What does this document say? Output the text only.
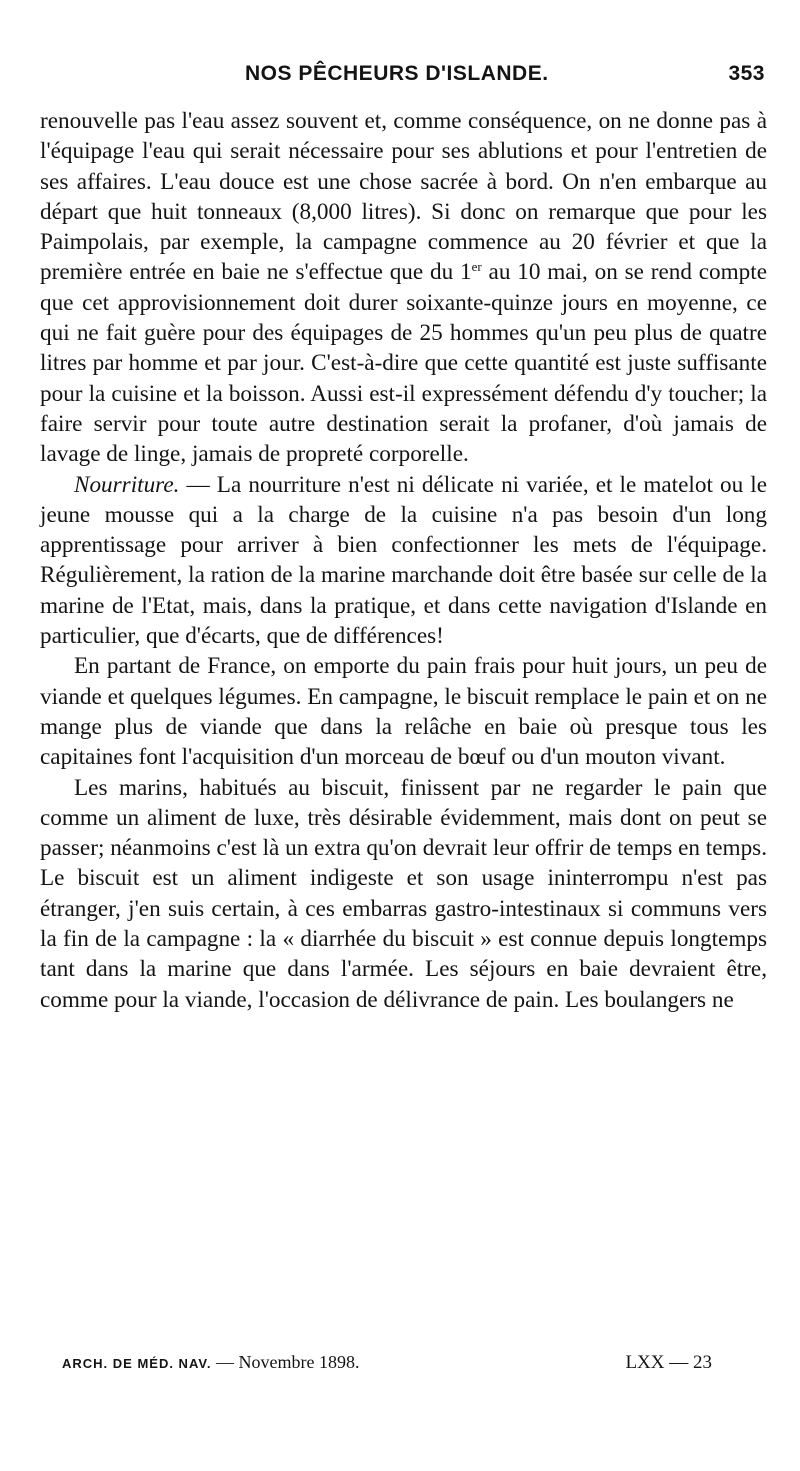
NOS PÊCHEURS D'ISLANDE.	353

renouvelle pas l'eau assez souvent et, comme conséquence, on ne donne pas à l'équipage l'eau qui serait nécessaire pour ses ablutions et pour l'entretien de ses affaires. L'eau douce est une chose sacrée à bord. On n'en embarque au départ que huit tonneaux (8,000 litres). Si donc on remarque que pour les Paimpolais, par exemple, la campagne commence au 20 février et que la première entrée en baie ne s'effectue que du 1er au 10 mai, on se rend compte que cet approvisionnement doit durer soixante-quinze jours en moyenne, ce qui ne fait guère pour des équipages de 25 hommes qu'un peu plus de quatre litres par homme et par jour. C'est-à-dire que cette quantité est juste suffisante pour la cuisine et la boisson. Aussi est-il expressément défendu d'y toucher; la faire servir pour toute autre destination serait la profaner, d'où jamais de lavage de linge, jamais de propreté corporelle.

Nourriture. — La nourriture n'est ni délicate ni variée, et le matelot ou le jeune mousse qui a la charge de la cuisine n'a pas besoin d'un long apprentissage pour arriver à bien confectionner les mets de l'équipage. Régulièrement, la ration de la marine marchande doit être basée sur celle de la marine de l'Etat, mais, dans la pratique, et dans cette navigation d'Islande en particulier, que d'écarts, que de différences!

En partant de France, on emporte du pain frais pour huit jours, un peu de viande et quelques légumes. En campagne, le biscuit remplace le pain et on ne mange plus de viande que dans la relâche en baie où presque tous les capitaines font l'acquisition d'un morceau de bœuf ou d'un mouton vivant.

Les marins, habitués au biscuit, finissent par ne regarder le pain que comme un aliment de luxe, très désirable évidemment, mais dont on peut se passer; néanmoins c'est là un extra qu'on devrait leur offrir de temps en temps. Le biscuit est un aliment indigeste et son usage ininterrompu n'est pas étranger, j'en suis certain, à ces embarras gastro-intestinaux si communs vers la fin de la campagne : la « diarrhée du biscuit » est connue depuis longtemps tant dans la marine que dans l'armée. Les séjours en baie devraient être, comme pour la viande, l'occasion de délivrance de pain. Les boulangers ne

ARCH. DE MÉD. NAV. — Novembre 1898.	LXX — 23
